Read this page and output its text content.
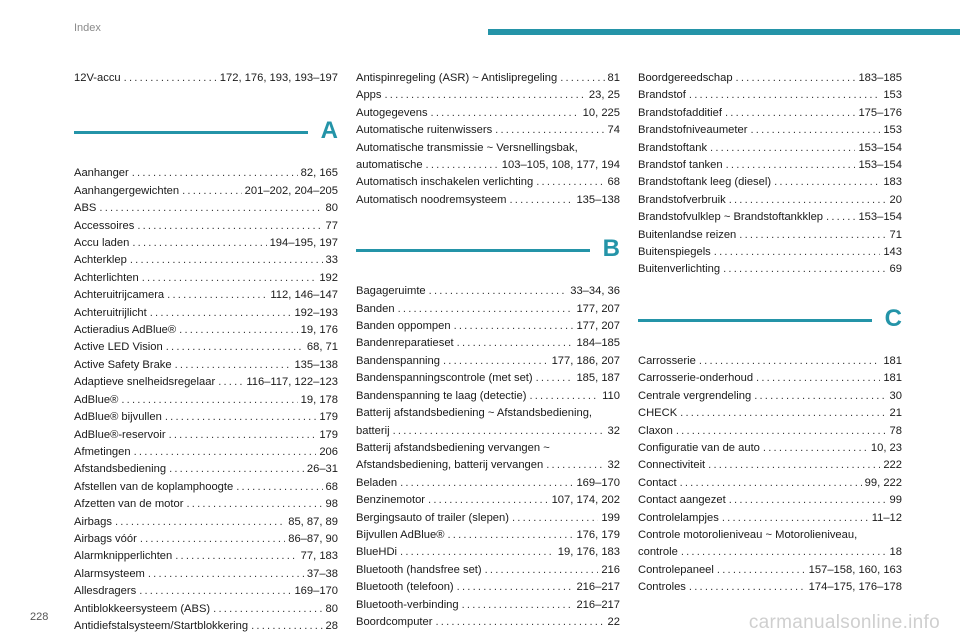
Index
12V-accu .....	172, 176, 193, 193–197
A
Aanhanger .....	82, 165
Aanhangergewichten .....	201–202, 204–205
ABS .....	80
Accessoires .....	77
Accu laden .....	194–195, 197
Achterklep .....	33
Achterlichten .....	192
Achteruitrijcamera .....	112, 146–147
Achteruitrijlicht .....	192–193
Actieradius AdBlue® .....	19, 176
Active LED Vision .....	68, 71
Active Safety Brake .....	135–138
Adaptieve snelheidsregelaar .....	116–117, 122–123
AdBlue® .....	19, 178
AdBlue® bijvullen .....	179
AdBlue®-reservoir .....	179
Afmetingen .....	206
Afstandsbediening .....	26–31
Afstellen van de koplamphoogte .....	68
Afzetten van de motor .....	98
Airbags .....	85, 87, 89
Airbags vóór .....	86–87, 90
Alarmknipperlichten .....	77, 183
Alarmsysteem .....	37–38
Allesdragers .....	169–170
Antiblokkeersysteem (ABS) .....	80
Antidiefstalsysteem/Startblokkering .....	28
Antispinregeling (ASR) ~ Antislipregeling .....	81
Apps .....	23, 25
Autogegevens .....	10, 225
Automatische ruitenwissers .....	74
Automatische transmissie ~ Versnellingsbak,
automatische .....	103–105, 108, 177, 194
Automatisch inschakelen verlichting .....	68
Automatisch noodremsysteem .....	135–138
B
Bagageruimte .....	33–34, 36
Banden .....	177, 207
Banden oppompen .....	177, 207
Bandenreparatieset .....	184–185
Bandenspanning .....	177, 186, 207
Bandenspanningscontrole (met set) .....	185, 187
Bandenspanning te laag (detectie) .....	110
Batterij afstandsbediening ~ Afstandsbediening,
batterij .....	32
Batterij afstandsbediening vervangen ~
Afstandsbediening, batterij vervangen .....	32
Beladen .....	169–170
Benzinemotor .....	107, 174, 202
Bergingsauto of trailer (slepen) .....	199
Bijvullen AdBlue® .....	176, 179
BlueHDi .....	19, 176, 183
Bluetooth (handsfree set) .....	216
Bluetooth (telefoon) .....	216–217
Bluetooth-verbinding .....	216–217
Boordcomputer .....	22
Boordgereedschap .....	183–185
Brandstof .....	153
Brandstofadditief .....	175–176
Brandstofniveaumeter .....	153
Brandstoftank .....	153–154
Brandstof tanken .....	153–154
Brandstoftank leeg (diesel) .....	183
Brandstofverbruik .....	20
Brandstofvulklep ~ Brandstoftankklep .....	153–154
Buitenlandse reizen .....	71
Buitenspiegels .....	143
Buitenverlichting .....	69
C
Carrosserie .....	181
Carrosserie-onderhoud .....	181
Centrale vergrendeling .....	30
CHECK .....	21
Claxon .....	78
Configuratie van de auto .....	10, 23
Connectiviteit .....	222
Contact .....	99, 222
Contact aangezet .....	99
Controlelampjes .....	11–12
Controle motorolieniveau ~ Motorolieniveau,
controle .....	18
Controlepaneel .....	157–158, 160, 163
Controles .....	174–175, 176–178
228	carmanualsonline.info
